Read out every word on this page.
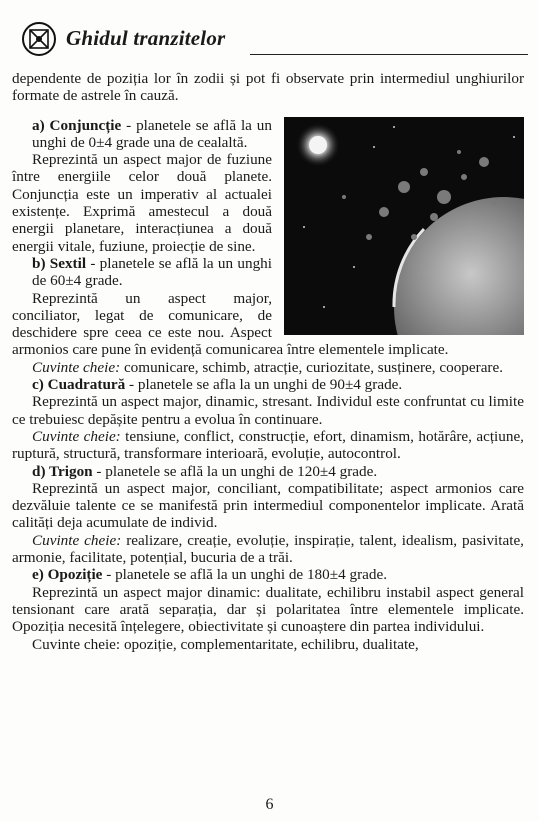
Ghidul tranzitelor

dependente de poziția lor în zodii și pot fi observate prin intermediul unghiurilor formate de astrele în cauză.

a) Conjuncție - planetele se află la un unghi de 0±4 grade una de cealaltă.

Reprezintă un aspect major de fuziune între energiile celor două planete. Conjuncția este un imperativ al actualei existențe. Exprimă amestecul a două energii planetare, interacțiunea a două energii vitale, fuziune, proiecție de sine.

b) Sextil - planetele se află la un unghi de 60±4 grade.

Reprezintă un aspect major, conciliator, legat de comunicare, de deschidere spre ceea ce este nou. Aspect armonios care pune în evidență comunicarea între elementele implicate.

Cuvinte cheie: comunicare, schimb, atracție, curiozitate, susținere, cooperare.

c) Cuadratură - planetele se afla la un unghi de 90±4 grade.

Reprezintă un aspect major, dinamic, stresant. Individul este confruntat cu limite ce trebuiesc depășite pentru a evolua în continuare.

Cuvinte cheie: tensiune, conflict, construcție, efort, dinamism, hotărâre, acțiune, ruptură, structură, transformare interioară, evoluție, autocontrol.

d) Trigon - planetele se află la un unghi de 120±4 grade.

Reprezintă un aspect major, conciliant, compatibilitate; aspect armonios care dezvăluie talente ce se manifestă prin intermediul componentelor implicate. Arată calități deja acumulate de individ.

Cuvinte cheie: realizare, creație, evoluție, inspirație, talent, idealism, pasivitate, armonie, facilitate, potențial, bucuria de a trăi.

e) Opoziție - planetele se află la un unghi de 180±4 grade.

Reprezintă un aspect major dinamic: dualitate, echilibru instabil aspect general tensionant care arată separația, dar și polaritatea între elementele implicate. Opoziția necesită înțelegere, obiectivitate și cunoaștere din partea individului.

Cuvinte cheie: opoziție, complementaritate, echilibru, dualitate,

6
